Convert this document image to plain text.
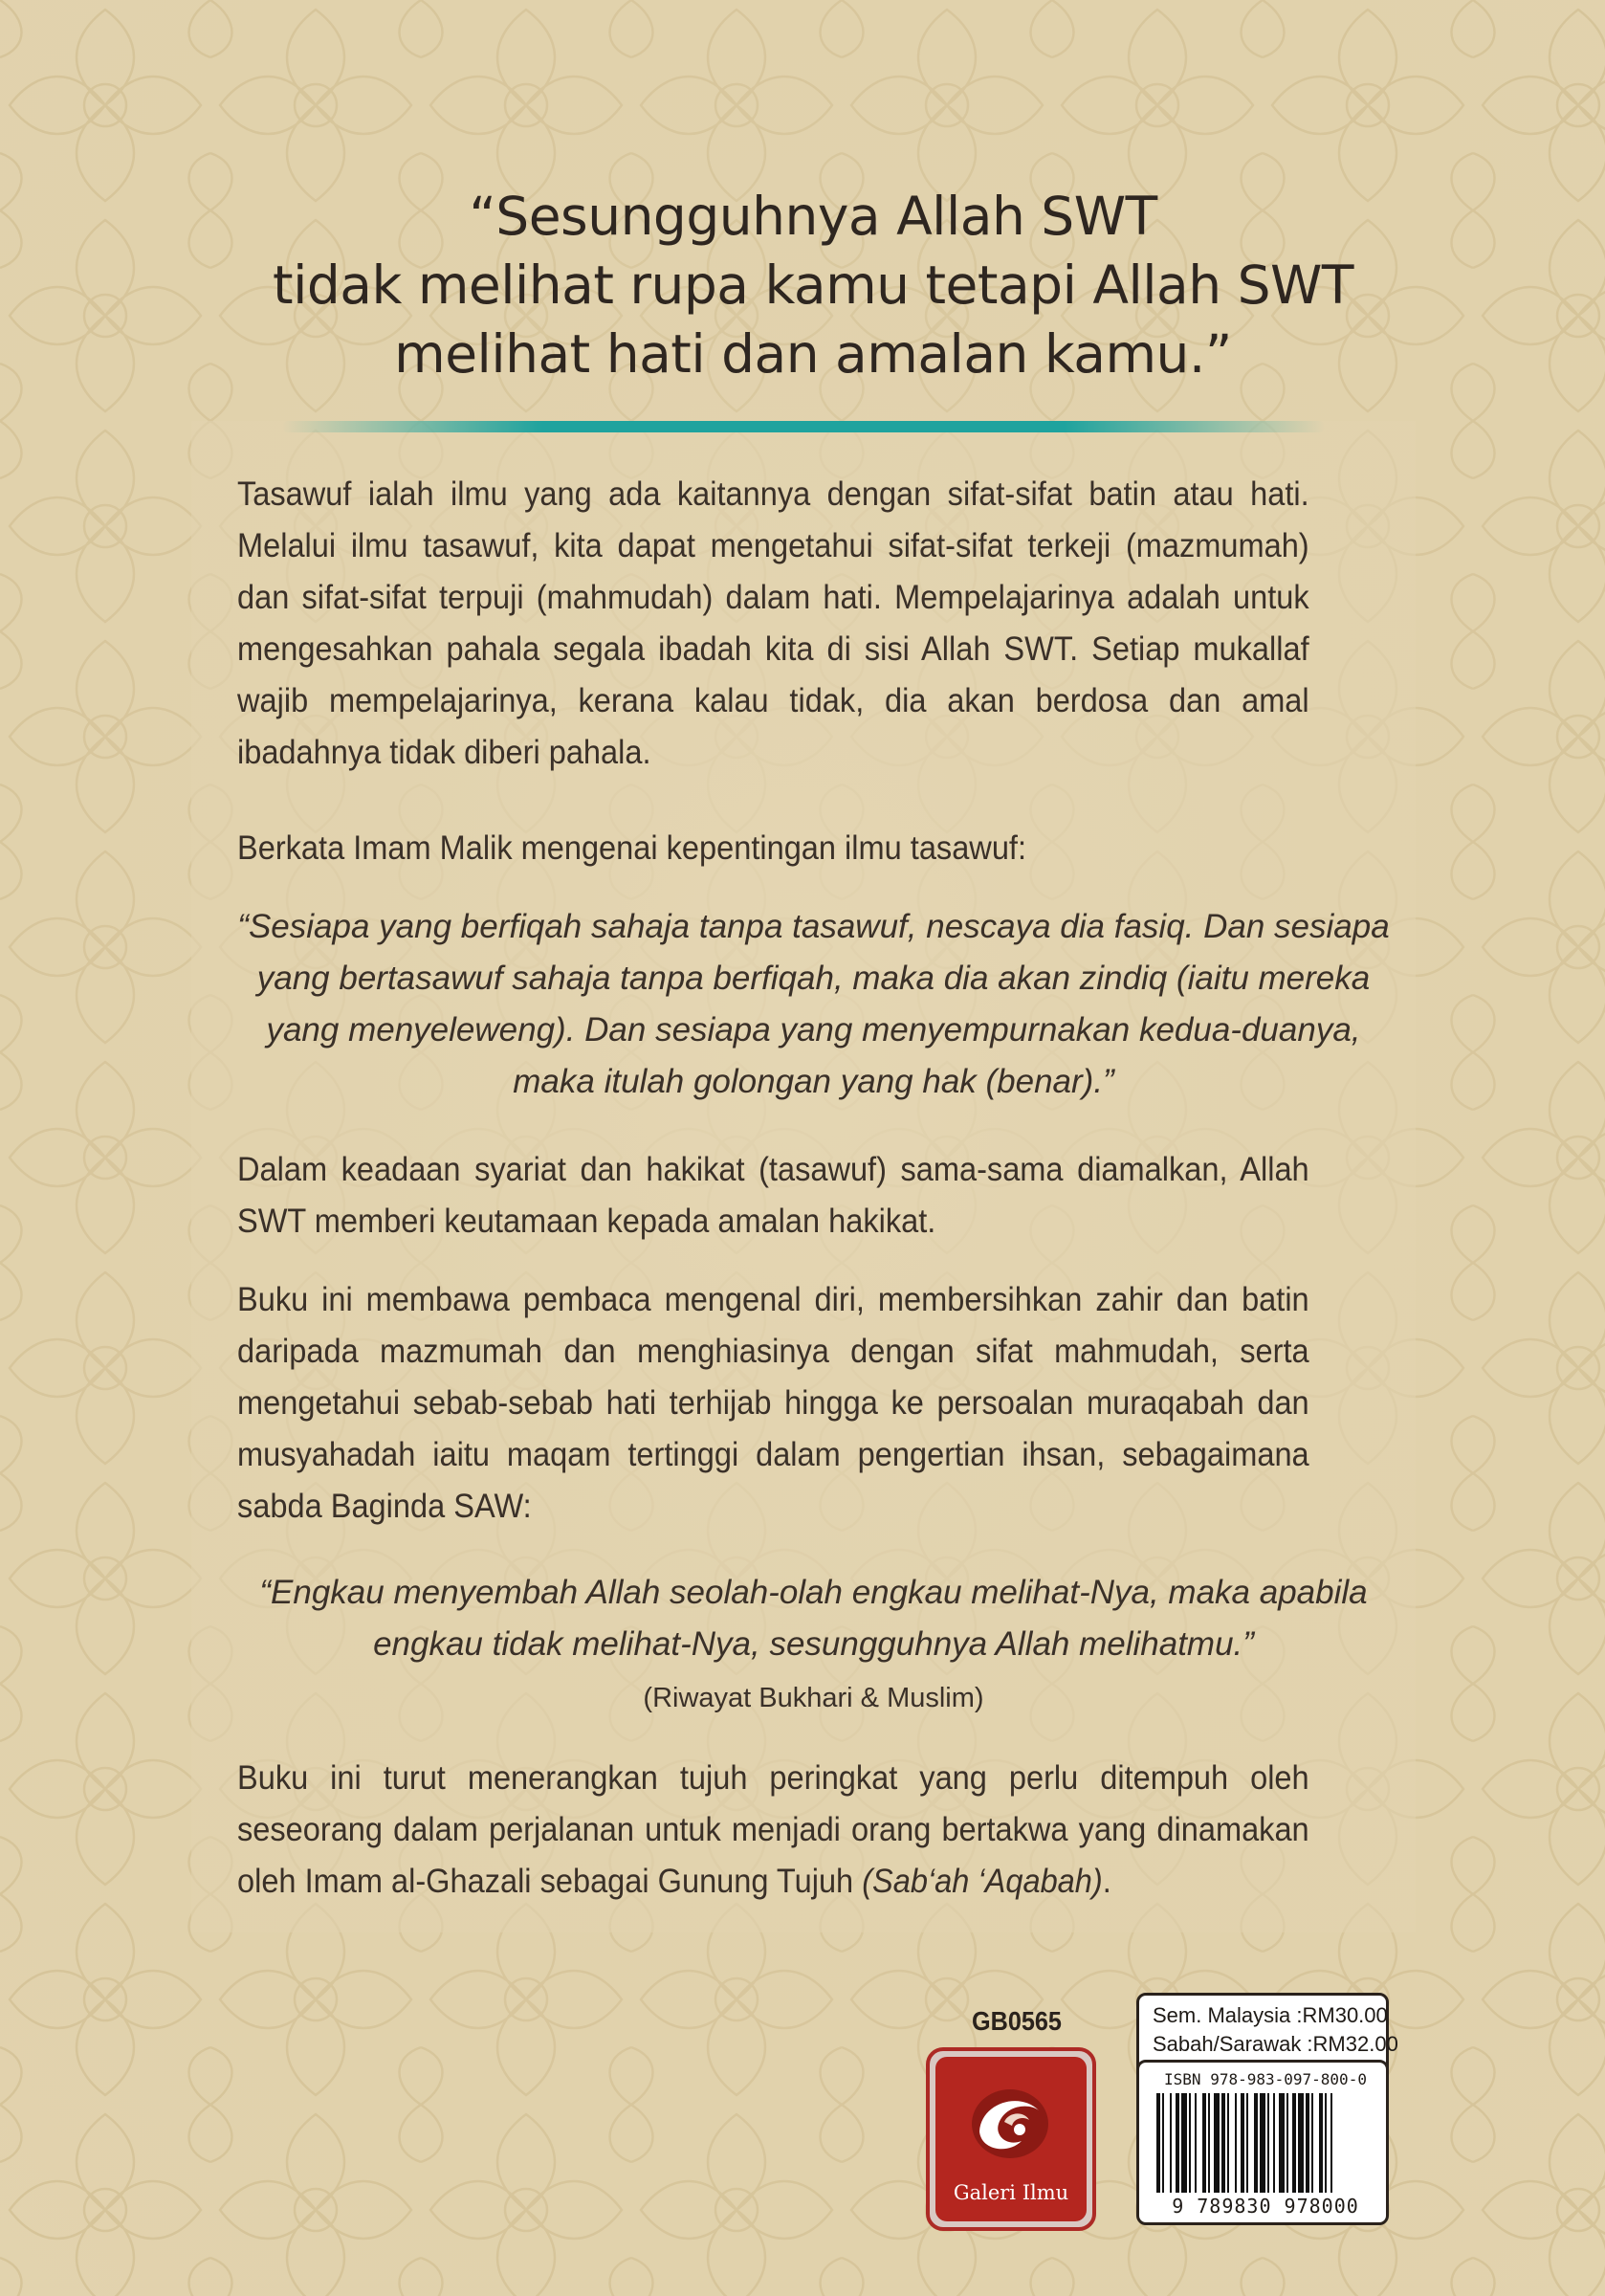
“Sesungguhnya Allah SWT
tidak melihat rupa kamu tetapi Allah SWT
melihat hati dan amalan kamu.”
Tasawuf ialah ilmu yang ada kaitannya dengan sifat-sifat batin atau hati. Melalui ilmu tasawuf, kita dapat mengetahui sifat-sifat terkeji (mazmumah) dan sifat-sifat terpuji (mahmudah) dalam hati. Mempelajarinya adalah untuk mengesahkan pahala segala ibadah kita di sisi Allah SWT. Setiap mukallaf wajib mempelajarinya, kerana kalau tidak, dia akan berdosa dan amal ibadahnya tidak diberi pahala.
Berkata Imam Malik mengenai kepentingan ilmu tasawuf:
“Sesiapa yang berfiqah sahaja tanpa tasawuf, nescaya dia fasiq. Dan sesiapa yang bertasawuf sahaja tanpa berfiqah, maka dia akan zindiq (iaitu mereka yang menyeleweng). Dan sesiapa yang menyempurnakan kedua-duanya, maka itulah golongan yang hak (benar).”
Dalam keadaan syariat dan hakikat (tasawuf) sama-sama diamalkan, Allah SWT memberi keutamaan kepada amalan hakikat.
Buku ini membawa pembaca mengenal diri, membersihkan zahir dan batin daripada mazmumah dan menghiasinya dengan sifat mahmudah, serta mengetahui sebab-sebab hati terhijab hingga ke persoalan muraqabah dan musyahadah iaitu maqam tertinggi dalam pengertian ihsan, sebagaimana sabda Baginda SAW:
“Engkau menyembah Allah seolah-olah engkau melihat-Nya, maka apabila engkau tidak melihat-Nya, sesungguhnya Allah melihatmu.”
(Riwayat Bukhari & Muslim)
Buku ini turut menerangkan tujuh peringkat yang perlu ditempuh oleh seseorang dalam perjalanan untuk menjadi orang bertakwa yang dinamakan oleh Imam al-Ghazali sebagai Gunung Tujuh (Sab‘ah ‘Aqabah).
GB0565
Galeri Ilmu
Sem. Malaysia : RM30.00
Sabah/Sarawak : RM32.00
ISBN 978-983-097-800-0
9 789830 978000
